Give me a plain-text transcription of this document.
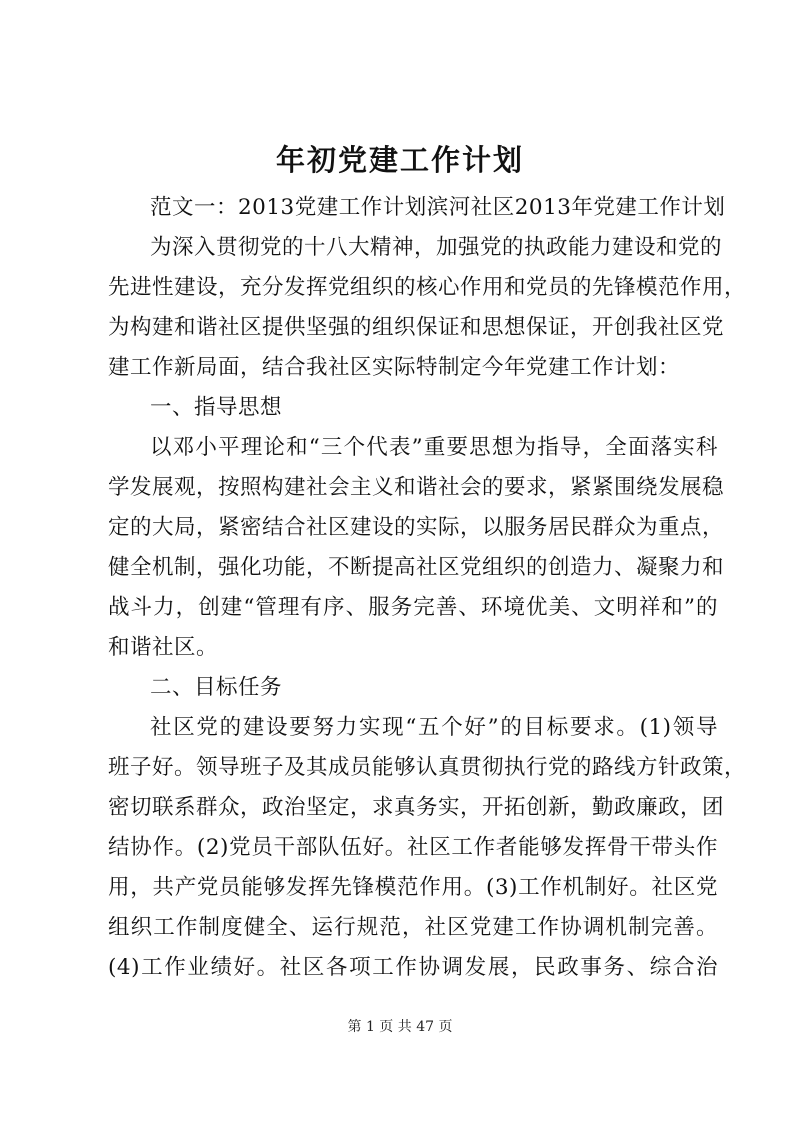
年初党建工作计划

范文一：2013党建工作计划滨河社区2013年党建工作计划

为深入贯彻党的十八大精神，加强党的执政能力建设和党的

先进性建设，充分发挥党组织的核心作用和党员的先锋模范作用，

为构建和谐社区提供坚强的组织保证和思想保证，开创我社区党

建工作新局面，结合我社区实际特制定今年党建工作计划：

一、指导思想

以邓小平理论和“三个代表”重要思想为指导，全面落实科

学发展观，按照构建社会主义和谐社会的要求，紧紧围绕发展稳

定的大局，紧密结合社区建设的实际，以服务居民群众为重点，

健全机制，强化功能，不断提高社区党组织的创造力、凝聚力和

战斗力，创建“管理有序、服务完善、环境优美、文明祥和”的

和谐社区。

二、目标任务

社区党的建设要努力实现“五个好”的目标要求。(1)领导

班子好。领导班子及其成员能够认真贯彻执行党的路线方针政策，

密切联系群众，政治坚定，求真务实，开拓创新，勤政廉政，团

结协作。(2)党员干部队伍好。社区工作者能够发挥骨干带头作

用，共产党员能够发挥先锋模范作用。(3)工作机制好。社区党

组织工作制度健全、运行规范，社区党建工作协调机制完善。

(4)工作业绩好。社区各项工作协调发展，民政事务、综合治

第 1 页 共 47 页
